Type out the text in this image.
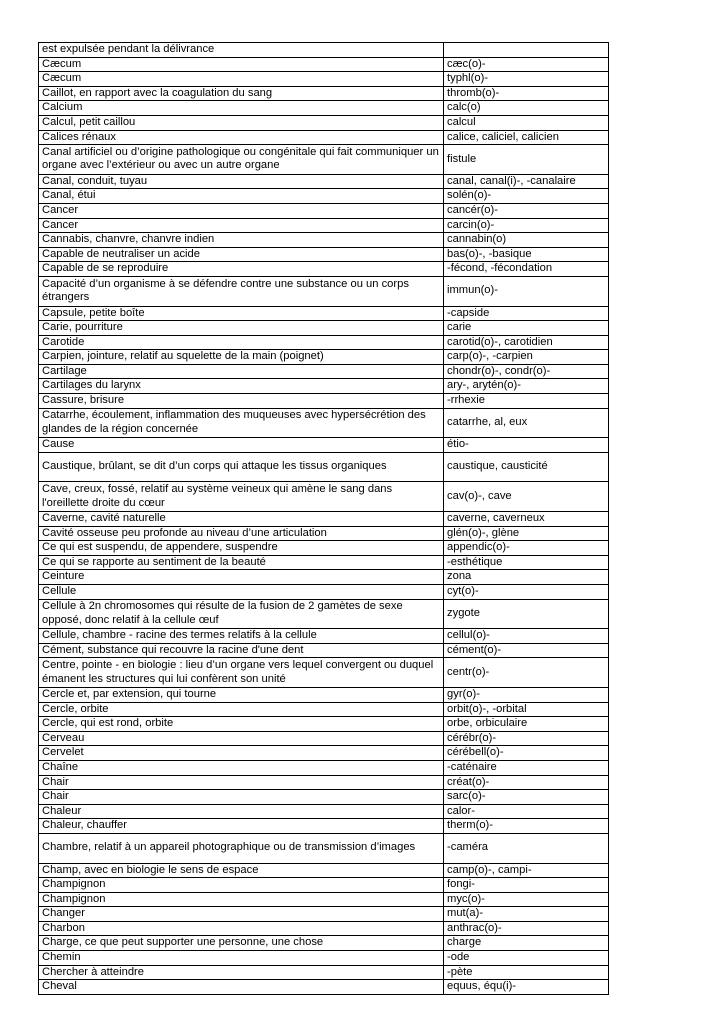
est expulsée pendant la délivrance	
Cæcum	cæc(o)-
Cæcum	typhl(o)-
Caillot, en rapport avec la coagulation du sang	thromb(o)-
Calcium	calc(o)
Calcul, petit caillou	calcul
Calices rénaux	calice, caliciel, calicien
Canal artificiel ou d’origine pathologique ou congénitale qui fait communiquer un organe avec l’extérieur ou avec un autre organe	fistule
Canal, conduit, tuyau	canal, canal(i)-, -canalaire
Canal, étui	solén(o)-
Cancer	cancér(o)-
Cancer	carcin(o)-
Cannabis, chanvre, chanvre indien	cannabin(o)
Capable de neutraliser un acide	bas(o)-, -basique
Capable de se reproduire	-fécond, -fécondation
Capacité d’un organisme à se défendre contre une substance ou un corps étrangers	immun(o)-
Capsule, petite boîte	-capside
Carie, pourriture	carie
Carotide	carotid(o)-, carotidien
Carpien, jointure, relatif au squelette de la main (poignet)	carp(o)-, -carpien
Cartilage	chondr(o)-, condr(o)-
Cartilages du larynx	ary-, arytén(o)-
Cassure, brisure	-rrhexie
Catarrhe, écoulement, inflammation des muqueuses avec hypersécrétion des glandes de la région concernée	catarrhe, al, eux
Cause	étio-
Caustique, brûlant, se dit d’un corps qui attaque les tissus organiques	caustique, causticité
Cave, creux, fossé, relatif au système veineux qui amène le sang dans l'oreillette droite du cœur	cav(o)-, cave
Caverne, cavité naturelle	caverne, caverneux
Cavité osseuse peu profonde au niveau d’une articulation	glén(o)-, glène
Ce qui est suspendu, de appendere, suspendre	appendic(o)-
Ce qui se rapporte au sentiment de la beauté	-esthétique
Ceinture	zona
Cellule	cyt(o)-
Cellule à 2n chromosomes qui résulte de la fusion de 2 gamètes de sexe opposé, donc relatif à la cellule œuf	zygote
Cellule, chambre - racine des termes relatifs à la cellule	cellul(o)-
Cément, substance qui recouvre la racine d'une dent	cément(o)-
Centre, pointe - en biologie : lieu d’un organe vers lequel convergent ou duquel émanent les structures qui lui confèrent son unité	centr(o)-
Cercle et, par extension, qui tourne	gyr(o)-
Cercle, orbite	orbit(o)-, -orbital
Cercle, qui est rond, orbite	orbe, orbiculaire
Cerveau	cérébr(o)-
Cervelet	cérébell(o)-
Chaîne	-caténaire
Chair	créat(o)-
Chair	sarc(o)-
Chaleur	calor-
Chaleur, chauffer	therm(o)-
Chambre, relatif à un appareil photographique ou de transmission d’images	-caméra
Champ, avec en biologie le sens de espace	camp(o)-, campi-
Champignon	fongi-
Champignon	myc(o)-
Changer	mut(a)-
Charbon	anthrac(o)-
Charge, ce que peut supporter une personne, une chose	charge
Chemin	-ode
Chercher à atteindre	-pète
Cheval	equus, équ(i)-
